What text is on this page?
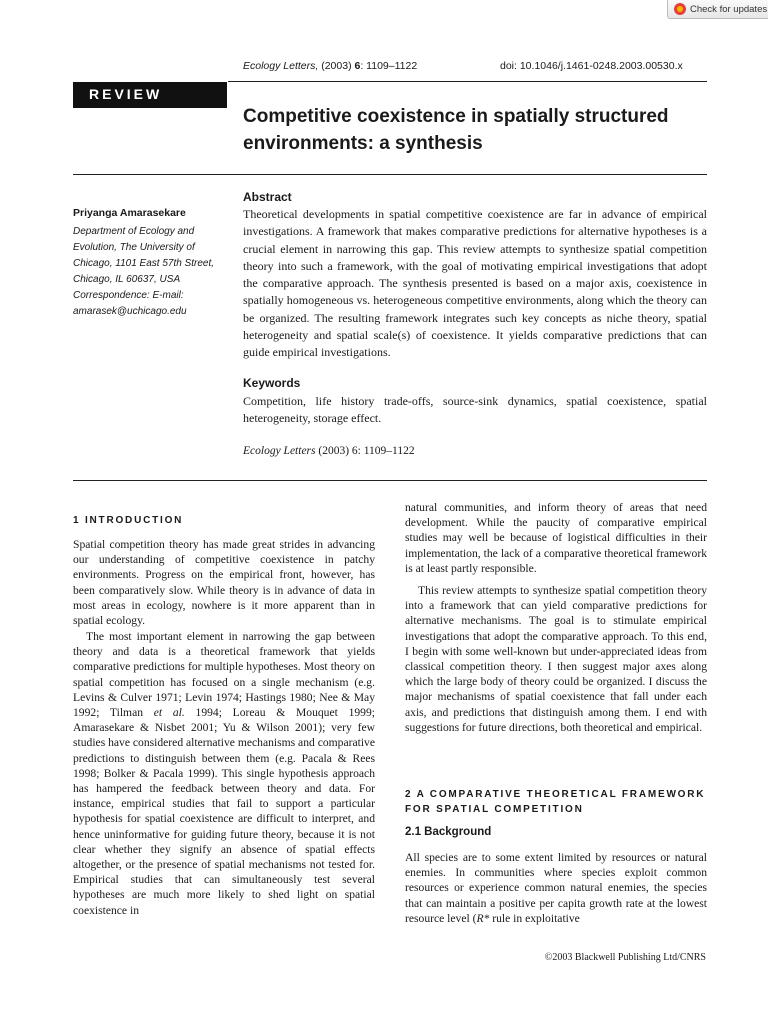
Check for updates
Ecology Letters, (2003) 6: 1109–1122	doi: 10.1046/j.1461-0248.2003.00530.x
REVIEW
Competitive coexistence in spatially structured environments: a synthesis
Priyanga Amarasekare
Department of Ecology and Evolution, The University of Chicago, 1101 East 57th Street, Chicago, IL 60637, USA
Correspondence: E-mail: amarasek@uchicago.edu
Abstract

Theoretical developments in spatial competitive coexistence are far in advance of empirical investigations. A framework that makes comparative predictions for alternative hypotheses is a crucial element in narrowing this gap. This review attempts to synthesize spatial competition theory into such a framework, with the goal of motivating empirical investigations that adopt the comparative approach. The synthesis presented is based on a major axis, coexistence in spatially homogeneous vs. heterogeneous competitive environments, along which the theory can be organized. The resulting framework integrates such key concepts as niche theory, spatial heterogeneity and spatial scale(s) of coexistence. It yields comparative predictions that can guide empirical investigations.

Keywords

Competition, life history trade-offs, source-sink dynamics, spatial coexistence, spatial heterogeneity, storage effect.

Ecology Letters (2003) 6: 1109–1122
1 INTRODUCTION

Spatial competition theory has made great strides in advancing our understanding of competitive coexistence in patchy environments. Progress on the empirical front, however, has been comparatively slow. While theory is in advance of data in most areas in ecology, nowhere is it more apparent than in spatial ecology.

The most important element in narrowing the gap between theory and data is a theoretical framework that yields comparative predictions for multiple hypotheses. Most theory on spatial competition has focused on a single mechanism (e.g. Levins & Culver 1971; Levin 1974; Hastings 1980; Nee & May 1992; Tilman et al. 1994; Loreau & Mouquet 1999; Amarasekare & Nisbet 2001; Yu & Wilson 2001); very few studies have considered alternative mechanisms and comparative predictions to distinguish between them (e.g. Pacala & Rees 1998; Bolker & Pacala 1999). This single hypothesis approach has hampered the feedback between theory and data. For instance, empirical studies that fail to support a particular hypothesis for spatial coexistence are difficult to interpret, and hence uninformative for guiding future theory, because it is not clear whether they signify an absence of spatial effects altogether, or the presence of spatial mechanisms not tested for. Empirical studies that can simultaneously test several hypotheses are much more likely to shed light on spatial coexistence in

natural communities, and inform theory of areas that need development. While the paucity of comparative empirical studies may well be because of logistical difficulties in their implementation, the lack of a comparative theoretical framework is at least partly responsible.

This review attempts to synthesize spatial competition theory into a framework that can yield comparative predictions for alternative mechanisms. The goal is to stimulate empirical investigations that adopt the comparative approach. To this end, I begin with some well-known but under-appreciated ideas from classical competition theory. I then suggest major axes along which the large body of theory could be organized. I discuss the major mechanisms of spatial coexistence that fall under each axis, and predictions that distinguish among them. I end with suggestions for future directions, both theoretical and empirical.

2 A COMPARATIVE THEORETICAL FRAMEWORK
FOR SPATIAL COMPETITION
2.1 Background

All species are to some extent limited by resources or natural enemies. In communities where species exploit common resources or experience common natural enemies, the species that can maintain a positive per capita growth rate at the lowest resource level (R* rule in exploitative

©2003 Blackwell Publishing Ltd/CNRS
